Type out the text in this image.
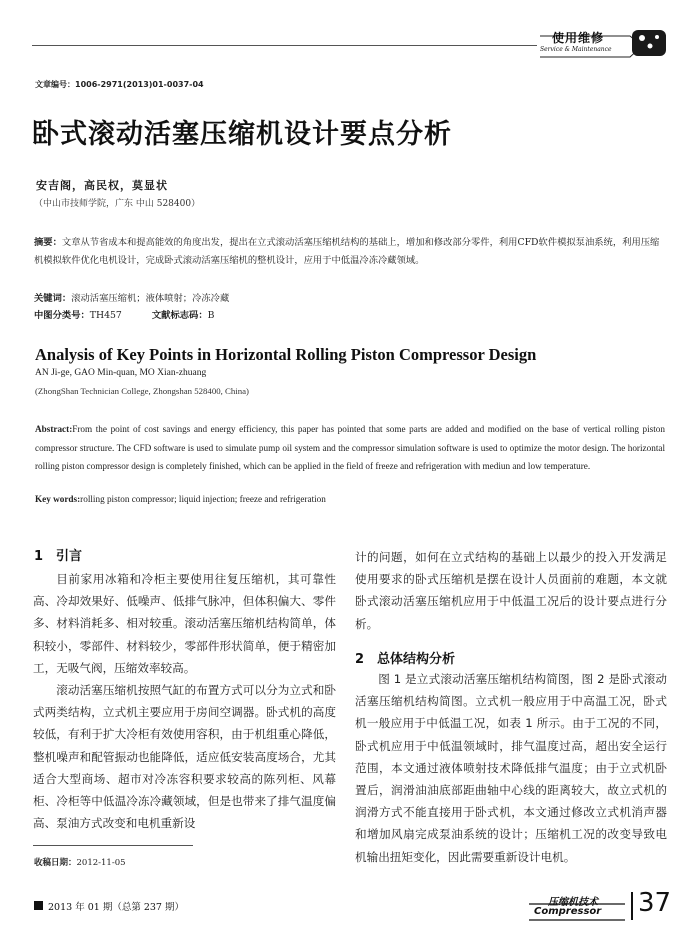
使用维修
Service & Maintenance
文章编号：1006-2971(2013)01-0037-04
卧式滚动活塞压缩机设计要点分析
安吉阁，高民权，莫显状
（中山市技师学院，广东 中山 528400）
摘要：文章从节省成本和提高能效的角度出发，提出在立式滚动活塞压缩机结构的基础上，增加和修改部分零件，利用CFD软件模拟泵油系统，利用压缩机模拟软件优化电机设计，完成卧式滚动活塞压缩机的整机设计，应用于中低温冷冻冷藏领域。
关键词：滚动活塞压缩机；液体喷射；冷冻冷藏
中图分类号：TH457	文献标志码：B
Analysis of Key Points in Horizontal Rolling Piston Compressor Design
AN Ji-ge, GAO Min-quan, MO Xian-zhuang
(ZhongShan Technician College, Zhongshan 528400, China)
Abstract:From the point of cost savings and energy efficiency, this paper has pointed that some parts are added and modified on the base of vertical rolling piston compressor structure. The CFD software is used to simulate pump oil system and the compressor simulation software is used to optimize the motor design. The horizontal rolling piston compressor design is completely finished, which can be applied in the field of freeze and refrigeration with mediun and low temperature.
Key words:rolling piston compressor; liquid injection; freeze and refrigeration
1　引言

目前家用冰箱和冷柜主要使用往复压缩机，其可靠性高、冷却效果好、低噪声、低排气脉冲，但体积偏大、零件多、材料消耗多、相对较重。滚动活塞压缩机结构简单，体积较小，零部件、材料较少，零部件形状简单，便于精密加工，无吸气阀，压缩效率较高。

滚动活塞压缩机按照气缸的布置方式可以分为立式和卧式两类结构，立式机主要应用于房间空调器。卧式机的高度较低，有利于扩大冷柜有效使用容积，由于机组重心降低，整机噪声和配管振动也能降低，适应低安装高度场合，尤其适合大型商场、超市对冷冻容积要求较高的陈列柜、风幕柜、冷柜等中低温冷冻冷藏领域，但是也带来了排气温度偏高、泵油方式改变和电机重新设

计的问题，如何在立式结构的基础上以最少的投入开发满足使用要求的卧式压缩机是摆在设计人员面前的难题，本文就卧式滚动活塞压缩机应用于中低温工况后的设计要点进行分析。

2　总体结构分析

图 1 是立式滚动活塞压缩机结构简图，图 2 是卧式滚动活塞压缩机结构简图。立式机一般应用于中高温工况，卧式机一般应用于中低温工况，如表 1 所示。由于工况的不同，卧式机应用于中低温领域时，排气温度过高，超出安全运行范围，本文通过液体喷射技术降低排气温度；由于立式机卧置后，润滑油油底部距曲轴中心线的距离较大，故立式机的润滑方式不能直接用于卧式机，本文通过修改立式机消声器和增加风扇完成泵油系统的设计；压缩机工况的改变导致电机输出扭矩变化，因此需要重新设计电机。

收稿日期：2012-11-05
2013 年 01 期（总第 237 期）	压缩机技术
Compressor 37
